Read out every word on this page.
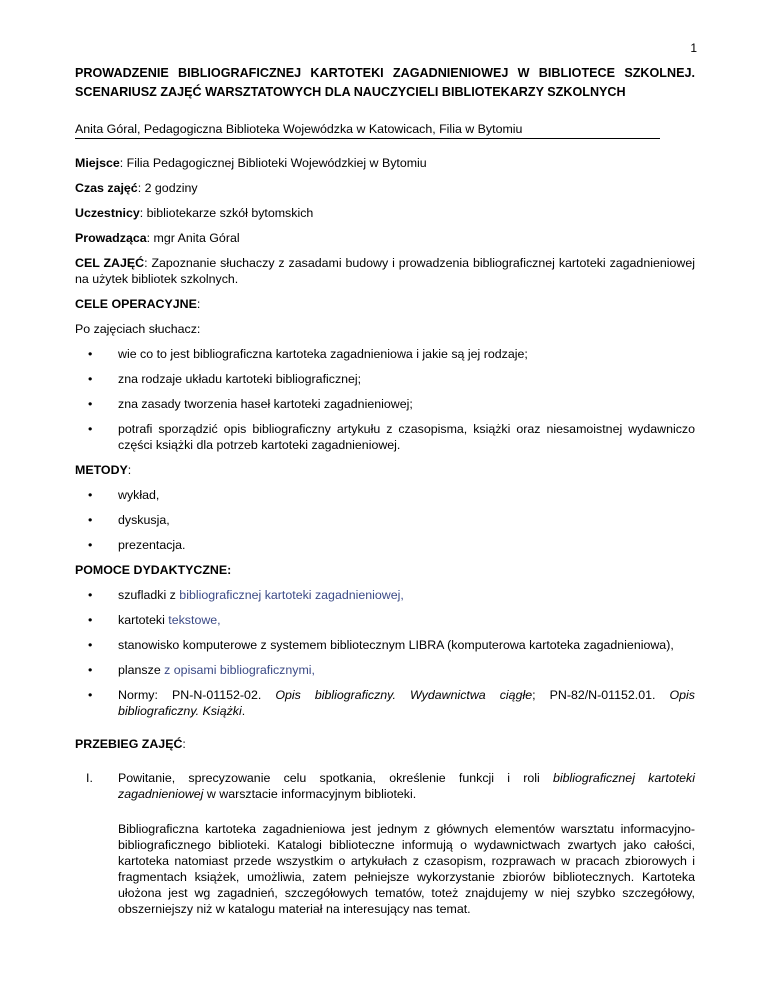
1
PROWADZENIE BIBLIOGRAFICZNEJ KARTOTEKI ZAGADNIENIOWEJ W BIBLIOTECE SZKOLNEJ. SCENARIUSZ ZAJĘĆ WARSZTATOWYCH DLA NAUCZYCIELI BIBLIOTEKARZY SZKOLNYCH
Anita Góral, Pedagogiczna Biblioteka Wojewódzka w Katowicach, Filia w Bytomiu

Miejsce: Filia Pedagogicznej Biblioteki Wojewódzkiej w Bytomiu

Czas zajęć: 2 godziny

Uczestnicy: bibliotekarze szkół bytomskich

Prowadząca: mgr Anita Góral

CEL ZAJĘĆ: Zapoznanie słuchaczy z zasadami budowy i prowadzenia bibliograficznej kartoteki zagadnieniowej na użytek bibliotek szkolnych.

CELE OPERACYJNE:

Po zajęciach słuchacz:

• wie co to jest bibliograficzna kartoteka zagadnieniowa i jakie są jej rodzaje;
• zna rodzaje układu kartoteki bibliograficznej;
• zna zasady tworzenia haseł kartoteki zagadnieniowej;
• potrafi sporządzić opis bibliograficzny artykułu z czasopisma, książki oraz niesamoistnej wydawniczo części książki dla potrzeb kartoteki zagadnieniowej.

METODY:

• wykład,
• dyskusja,
• prezentacja.

POMOCE DYDAKTYCZNE:

• szufladki z bibliograficznej kartoteki zagadnieniowej,
• kartoteki tekstowe,
• stanowisko komputerowe z systemem bibliotecznym LIBRA (komputerowa kartoteka zagadnieniowa),
• plansze z opisami bibliograficznymi,
• Normy: PN-N-01152-02. Opis bibliograficzny. Wydawnictwa ciągłe; PN-82/N-01152.01. Opis bibliograficzny. Książki.

PRZEBIEG ZAJĘĆ:

I. Powitanie, sprecyzowanie celu spotkania, określenie funkcji i roli bibliograficznej kartoteki zagadnieniowej w warsztacie informacyjnym biblioteki.
Bibliograficzna kartoteka zagadnieniowa jest jednym z głównych elementów warsztatu informacyjno-bibliograficznego biblioteki. Katalogi biblioteczne informują o wydawnictwach zwartych jako całości, kartoteka natomiast przede wszystkim o artykułach z czasopism, rozprawach w pracach zbiorowych i fragmentach książek, umożliwia, zatem pełniejsze wykorzystanie zbiorów bibliotecznych. Kartoteka ułożona jest wg zagadnień, szczegółowych tematów, toteż znajdujemy w niej szybko szczegółowy, obszerniejszy niż w katalogu materiał na interesujący nas temat.
